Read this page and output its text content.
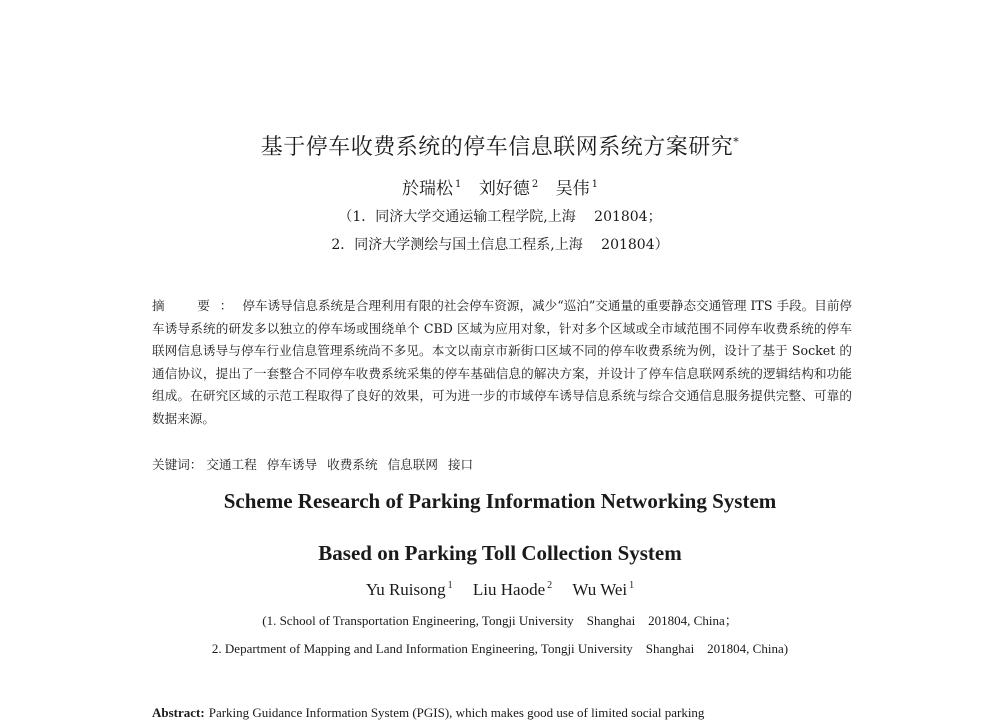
基于停车收费系统的停车信息联网系统方案研究*
於瑞松 $^1$ 刘好德 $^2$ 吴伟 $^1$
（1．同济大学交通运输工程学院,上海　 201804；
2．同济大学测绘与国土信息工程系,上海　 201804）
摘　要：停车诱导信息系统是合理利用有限的社会停车资源，减少“巡泊”交通量的重要静态交通管理 ITS 手段。目前停车诱导系统的研发多以独立的停车场或围绕单个 CBD 区域为应用对象，针对多个区域或全市域范围不同停车收费系统的停车联网信息诱导与停车行业信息管理系统尚不多见。本文以南京市新街口区域不同的停车收费系统为例，设计了基于 Socket 的通信协议，提出了一套整合不同停车收费系统采集的停车基础信息的解决方案，并设计了停车信息联网系统的逻辑结构和功能组成。在研究区域的示范工程取得了良好的效果，可为进一步的市域停车诱导信息系统与综合交通信息服务提供完整、可靠的数据来源。
关键词： 交通工程 停车诱导 收费系统 信息联网 接口
Scheme Research of Parking Information Networking System
Based on Parking Toll Collection System
Yu Ruisong $^1$ Liu Haode $^2$ Wu Wei $^1$
(1. School of Transportation Engineering, Tongji University　Shanghai　201804, China；
2. Department of Mapping and Land Information Engineering, Tongji University　Shanghai　201804, China)
Abstract: Parking Guidance Information System (PGIS), which makes good use of limited social parking
